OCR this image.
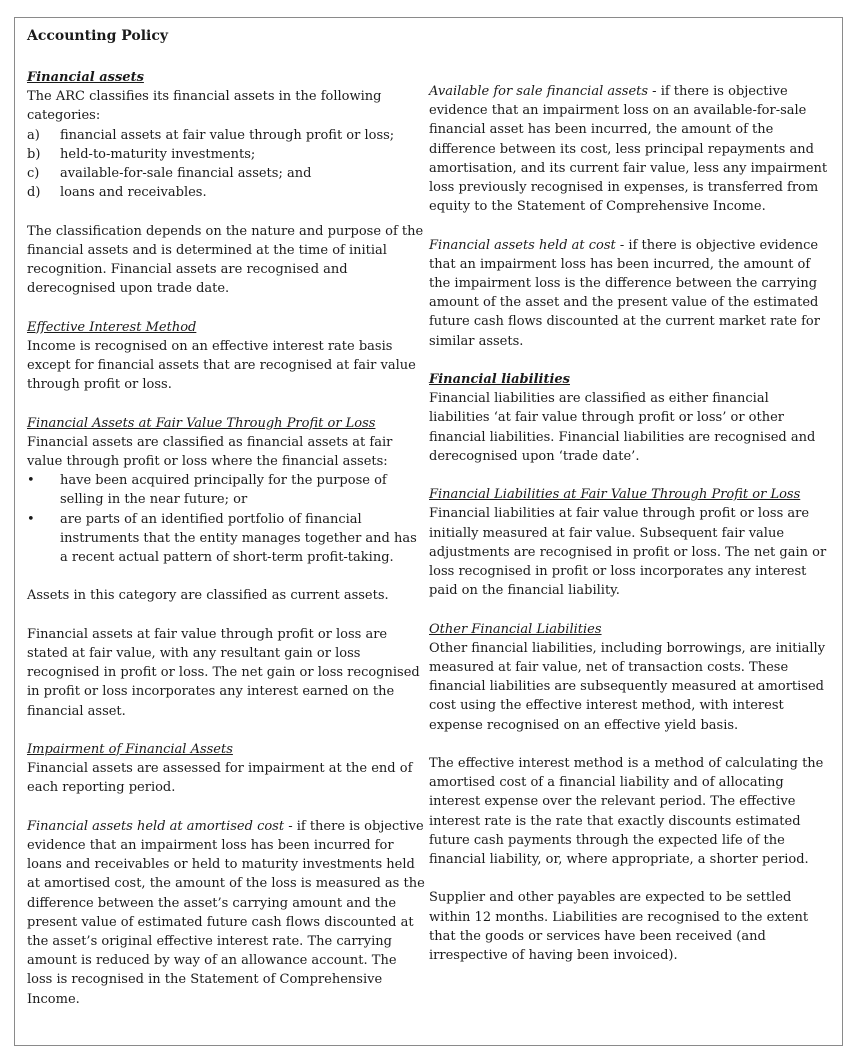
Accounting Policy
Financial assets

The ARC classifies its financial assets in the following categories:

a)	financial assets at fair value through profit or loss;
b)	held-to-maturity investments;
c)	available-for-sale financial assets; and
d)	loans and receivables.

The classification depends on the nature and purpose of the financial assets and is determined at the time of initial recognition. Financial assets are recognised and derecognised upon trade date.

Effective Interest Method

Income is recognised on an effective interest rate basis except for financial assets that are recognised at fair value through profit or loss.

Financial Assets at Fair Value Through Profit or Loss

Financial assets are classified as financial assets at fair value through profit or loss where the financial assets:

•	have been acquired principally for the purpose of selling in the near future; or
•	are parts of an identified portfolio of financial instruments that the entity manages together and has a recent actual pattern of short-term profit-taking.

Assets in this category are classified as current assets.

Financial assets at fair value through profit or loss are stated at fair value, with any resultant gain or loss recognised in profit or loss. The net gain or loss recognised in profit or loss incorporates any interest earned on the financial asset.

Impairment of Financial Assets

Financial assets are assessed for impairment at the end of each reporting period.

Financial assets held at amortised cost - if there is objective evidence that an impairment loss has been incurred for loans and receivables or held to maturity investments held at amortised cost, the amount of the loss is measured as the difference between the asset’s carrying amount and the present value of estimated future cash flows discounted at the asset’s original effective interest rate. The carrying amount is reduced by way of an allowance account. The loss is recognised in the Statement of Comprehensive Income.

Available for sale financial assets - if there is objective evidence that an impairment loss on an available-for-sale financial asset has been incurred, the amount of the difference between its cost, less principal repayments and amortisation, and its current fair value, less any impairment loss previously recognised in expenses, is transferred from equity to the Statement of Comprehensive Income.

Financial assets held at cost - if there is objective evidence that an impairment loss has been incurred, the amount of the impairment loss is the difference between the carrying amount of the asset and the present value of the estimated future cash flows discounted at the current market rate for similar assets.

Financial liabilities

Financial liabilities are classified as either financial liabilities ‘at fair value through profit or loss’ or other financial liabilities. Financial liabilities are recognised and derecognised upon ‘trade date’.

Financial Liabilities at Fair Value Through Profit or Loss

Financial liabilities at fair value through profit or loss are initially measured at fair value. Subsequent fair value adjustments are recognised in profit or loss. The net gain or loss recognised in profit or loss incorporates any interest paid on the financial liability.

Other Financial Liabilities

Other financial liabilities, including borrowings, are initially measured at fair value, net of transaction costs. These financial liabilities are subsequently measured at amortised cost using the effective interest method, with interest expense recognised on an effective yield basis.

The effective interest method is a method of calculating the amortised cost of a financial liability and of allocating interest expense over the relevant period. The effective interest rate is the rate that exactly discounts estimated future cash payments through the expected life of the financial liability, or, where appropriate, a shorter period.

Supplier and other payables are expected to be settled within 12 months. Liabilities are recognised to the extent that the goods or services have been received (and irrespective of having been invoiced).
